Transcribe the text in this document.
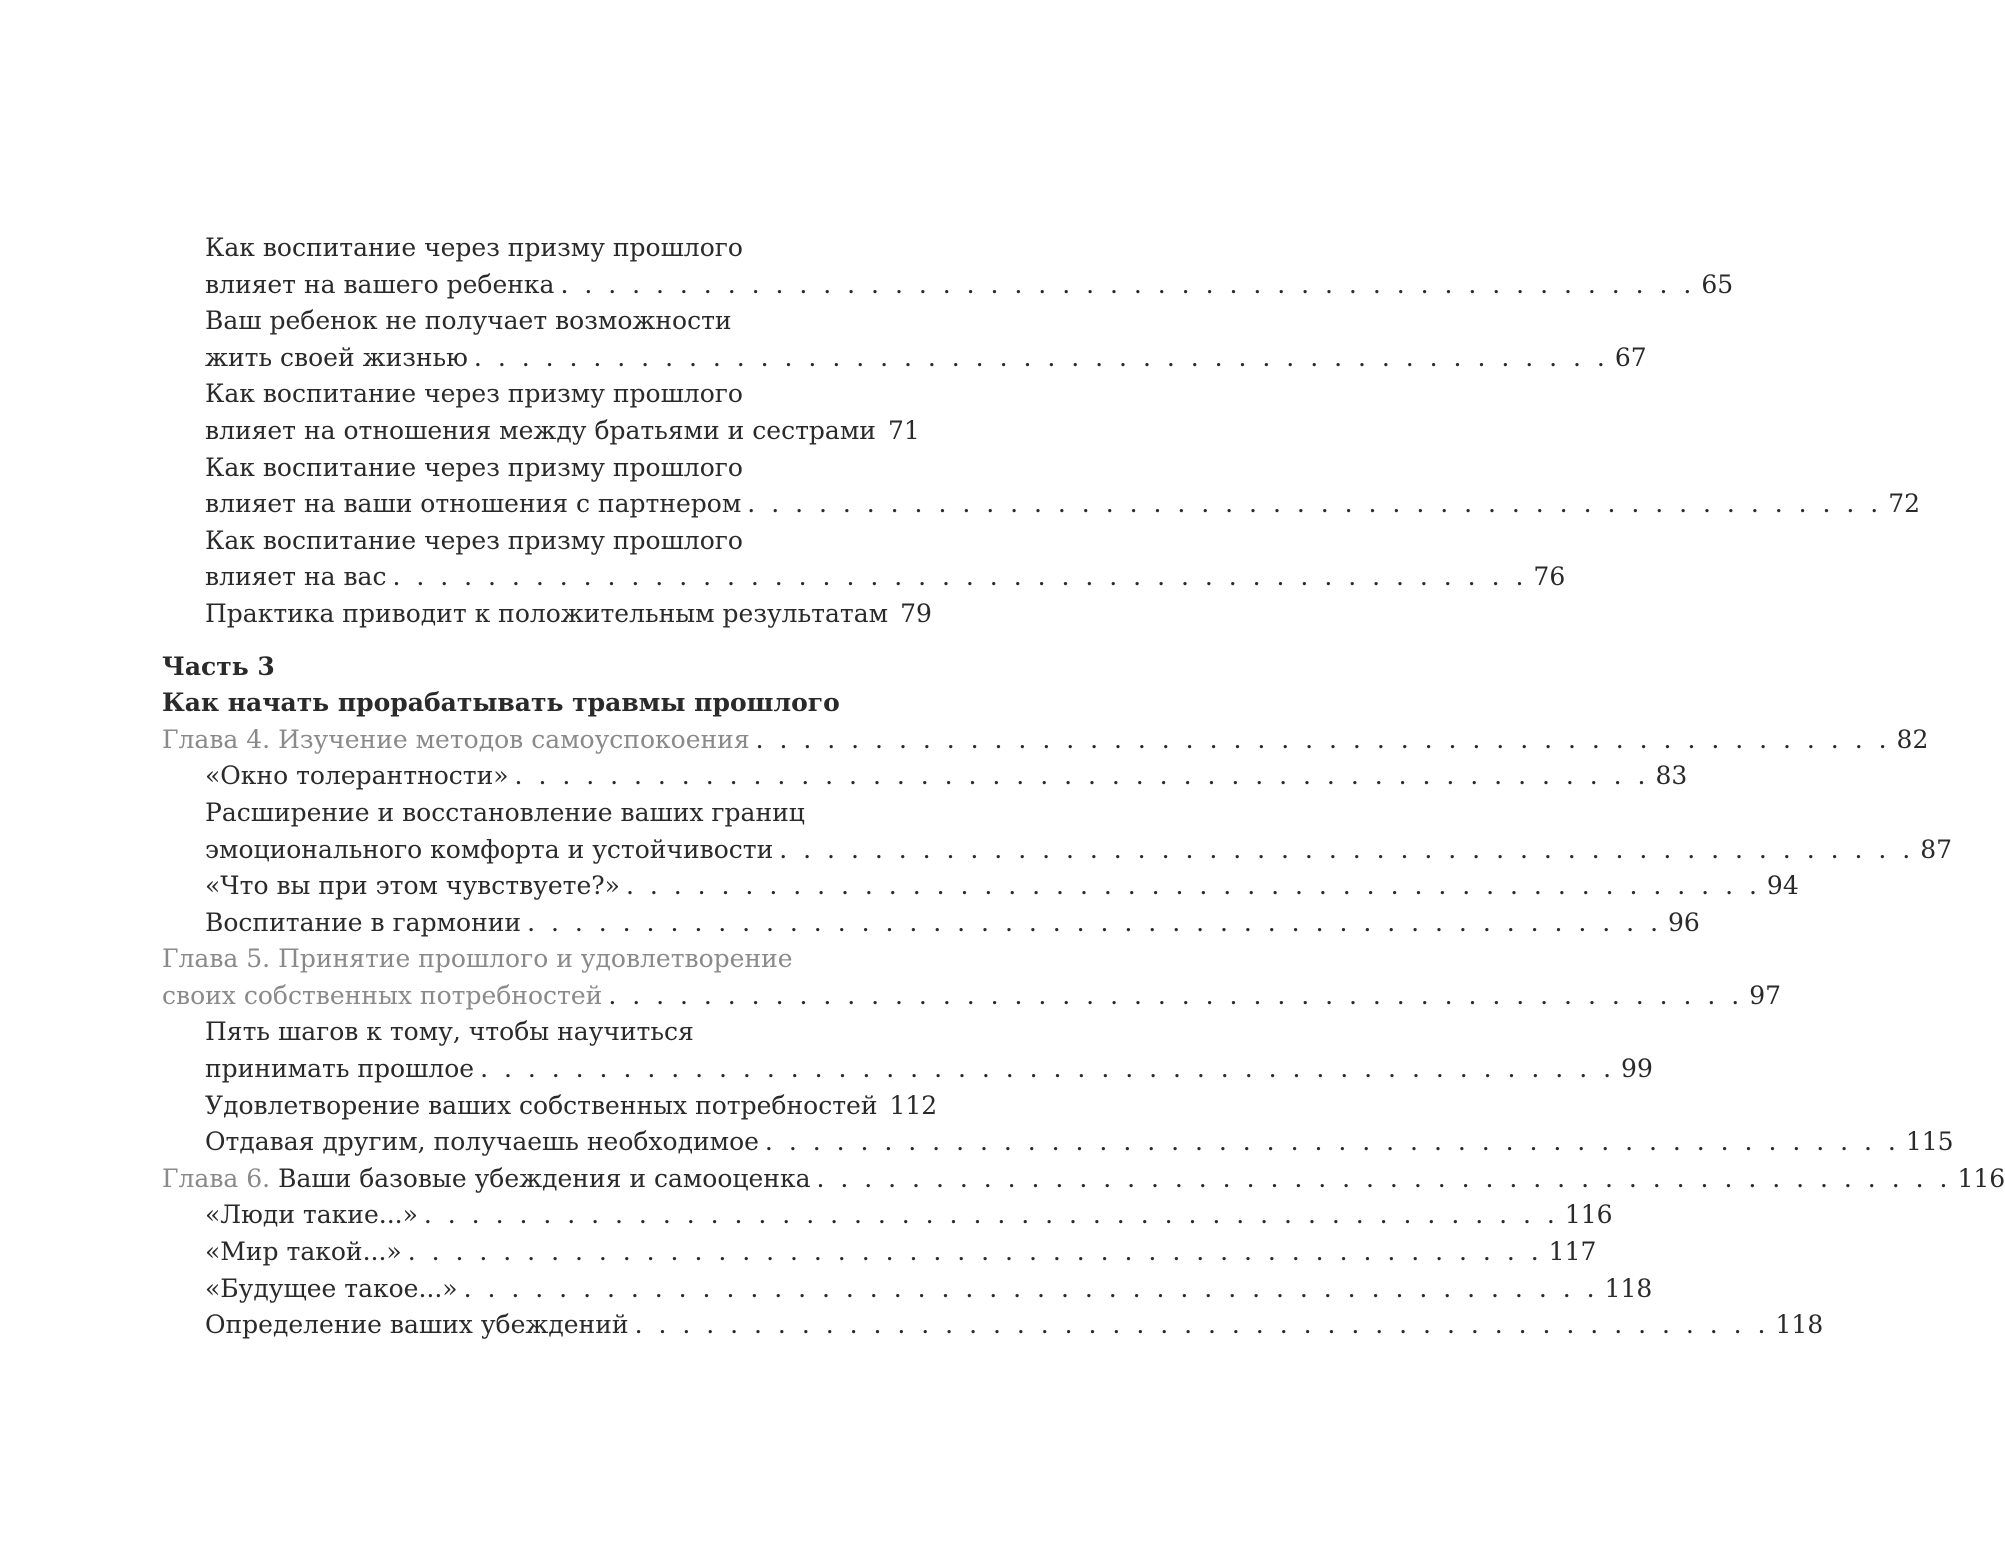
Как воспитание через призму прошлого
влияет на вашего ребенка . . . . . . . . . . . . . . . . . . . . . . . . . . . . . . . . . . . . . . . . . . . . . . . . 65
Ваш ребенок не получает возможности
жить своей жизнью . . . . . . . . . . . . . . . . . . . . . . . . . . . . . . . . . . . . . . . . . . . . . . . . 67
Как воспитание через призму прошлого
влияет на отношения между братьями и сестрами 71
Как воспитание через призму прошлого
влияет на ваши отношения с партнером . . . . . . . . . . . . . . . . . . . . . . . . . . . . . . . . . . . . . . . . . . . . . . . . 72
Как воспитание через призму прошлого
влияет на вас . . . . . . . . . . . . . . . . . . . . . . . . . . . . . . . . . . . . . . . . . . . . . . . . 76
Практика приводит к положительным результатам 79
Часть 3
Как начать прорабатывать травмы прошлого
Глава 4. Изучение методов самоуспокоения . . . . . . . . . . . . . . . . . . . . . . . . . . . . . . . . . . . . . . . . . . . . . . . . 82
«Окно толерантности» . . . . . . . . . . . . . . . . . . . . . . . . . . . . . . . . . . . . . . . . . . . . . . . . 83
Расширение и восстановление ваших границ
эмоционального комфорта и устойчивости . . . . . . . . . . . . . . . . . . . . . . . . . . . . . . . . . . . . . . . . . . . . . . . . 87
«Что вы при этом чувствуете?» . . . . . . . . . . . . . . . . . . . . . . . . . . . . . . . . . . . . . . . . . . . . . . . . 94
Воспитание в гармонии . . . . . . . . . . . . . . . . . . . . . . . . . . . . . . . . . . . . . . . . . . . . . . . . 96
Глава 5. Принятие прошлого и удовлетворение
своих собственных потребностей . . . . . . . . . . . . . . . . . . . . . . . . . . . . . . . . . . . . . . . . . . . . . . . . 97
Пять шагов к тому, чтобы научиться
принимать прошлое . . . . . . . . . . . . . . . . . . . . . . . . . . . . . . . . . . . . . . . . . . . . . . . . 99
Удовлетворение ваших собственных потребностей 112
Отдавая другим, получаешь необходимое . . . . . . . . . . . . . . . . . . . . . . . . . . . . . . . . . . . . . . . . . . . . . . . . 115
Глава 6. Ваши базовые убеждения и самооценка . . . . . . . . . . . . . . . . . . . . . . . . . . . . . . . . . . . . . . . . . . . . . . . . 116
«Люди такие...» . . . . . . . . . . . . . . . . . . . . . . . . . . . . . . . . . . . . . . . . . . . . . . . . 116
«Мир такой...» . . . . . . . . . . . . . . . . . . . . . . . . . . . . . . . . . . . . . . . . . . . . . . . . 117
«Будущее такое...» . . . . . . . . . . . . . . . . . . . . . . . . . . . . . . . . . . . . . . . . . . . . . . . . 118
Определение ваших убеждений . . . . . . . . . . . . . . . . . . . . . . . . . . . . . . . . . . . . . . . . . . . . . . . . 118
